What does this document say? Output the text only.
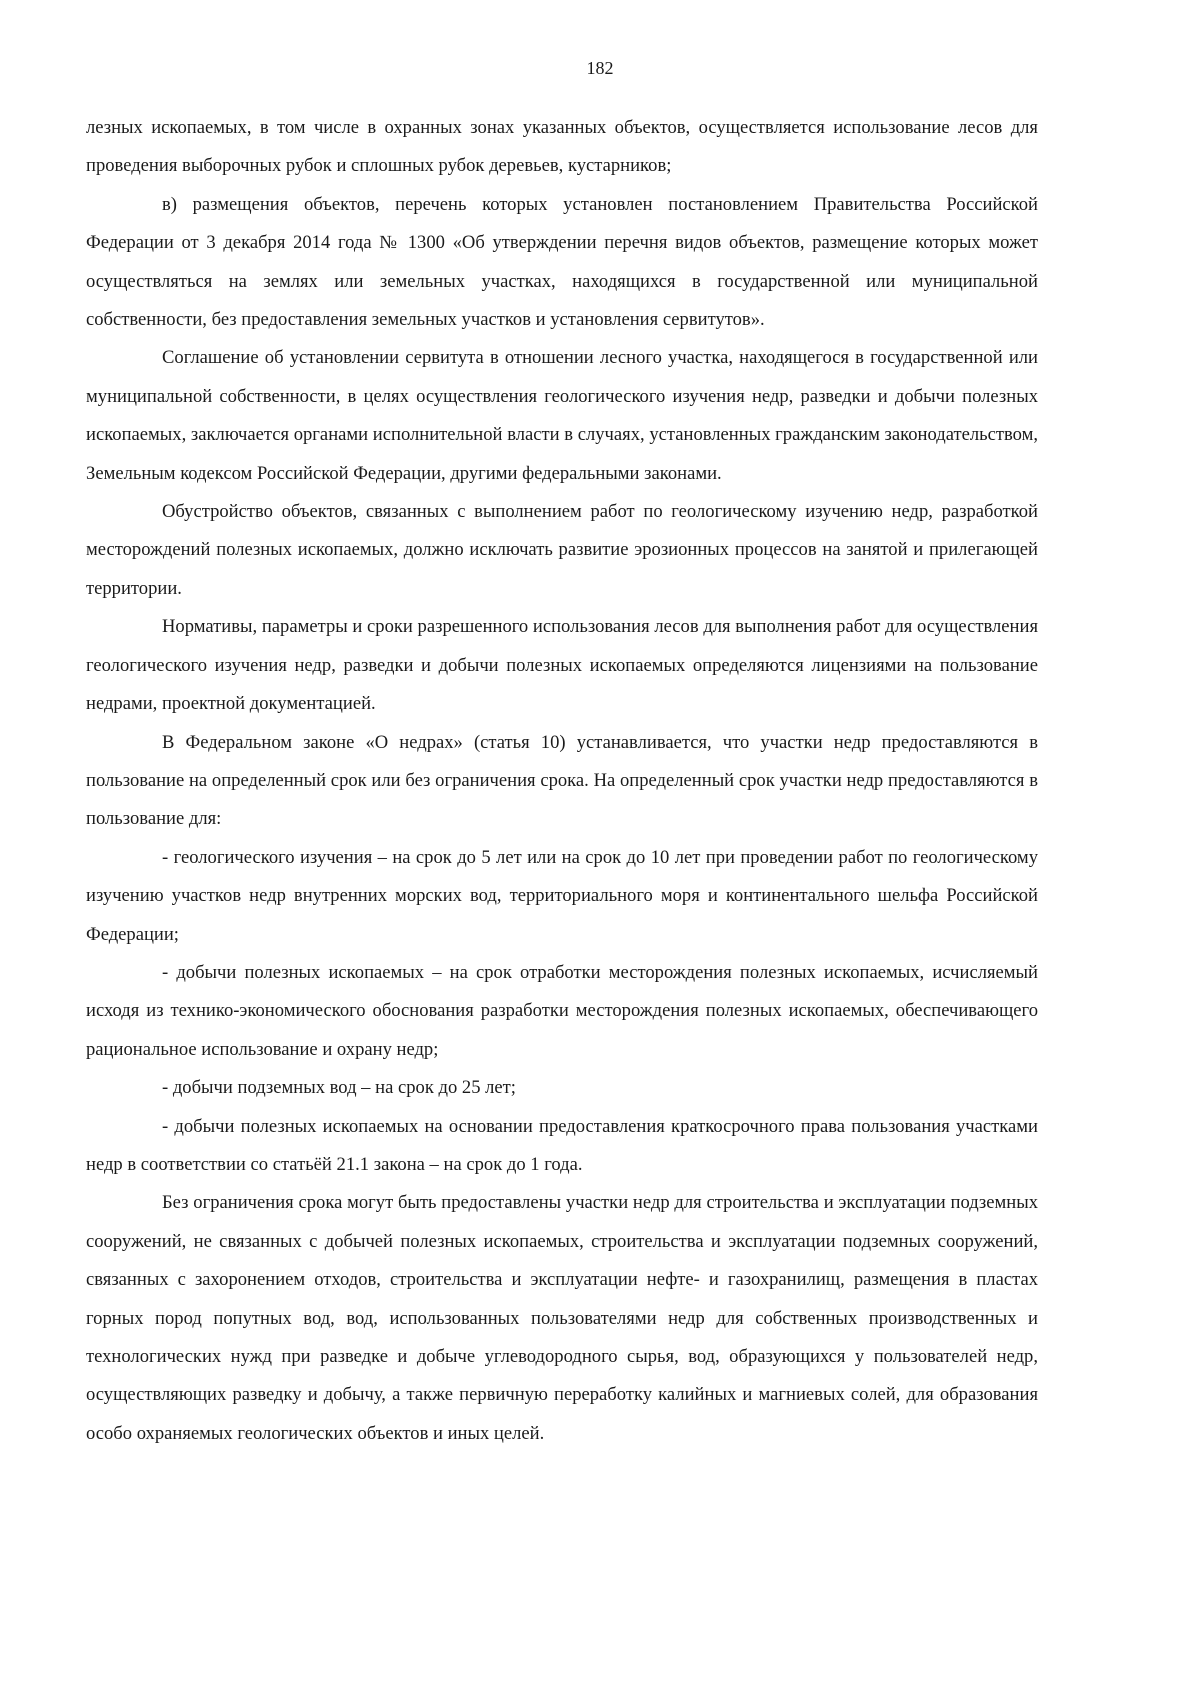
182

лезных ископаемых, в том числе в охранных зонах указанных объектов, осуществляется использование лесов для проведения выборочных рубок и сплошных рубок деревьев, кустарников;

в) размещения объектов, перечень которых установлен постановлением Правительства Российской Федерации от 3 декабря 2014 года № 1300 «Об утверждении перечня видов объектов, размещение которых может осуществляться на землях или земельных участках, находящихся в государственной или муниципальной собственности, без предоставления земельных участков и установления сервитутов».

Соглашение об установлении сервитута в отношении лесного участка, находящегося в государственной или муниципальной собственности, в целях осуществления геологического изучения недр, разведки и добычи полезных ископаемых, заключается органами исполнительной власти в случаях, установленных гражданским законодательством, Земельным кодексом Российской Федерации, другими федеральными законами.

Обустройство объектов, связанных с выполнением работ по геологическому изучению недр, разработкой месторождений полезных ископаемых, должно исключать развитие эрозионных процессов на занятой и прилегающей территории.

Нормативы, параметры и сроки разрешенного использования лесов для выполнения работ для осуществления геологического изучения недр, разведки и добычи полезных ископаемых определяются лицензиями на пользование недрами, проектной документацией.

В Федеральном законе «О недрах» (статья 10) устанавливается, что участки недр предоставляются в пользование на определенный срок или без ограничения срока. На определенный срок участки недр предоставляются в пользование для:

- геологического изучения – на срок до 5 лет или на срок до 10 лет при проведении работ по геологическому изучению участков недр внутренних морских вод, территориального моря и континентального шельфа Российской Федерации;

- добычи полезных ископаемых – на срок отработки месторождения полезных ископаемых, исчисляемый исходя из технико-экономического обоснования разработки месторождения полезных ископаемых, обеспечивающего рациональное использование и охрану недр;

- добычи подземных вод – на срок до 25 лет;

- добычи полезных ископаемых на основании предоставления краткосрочного права пользования участками недр в соответствии со статьёй 21.1 закона – на срок до 1 года.

Без ограничения срока могут быть предоставлены участки недр для строительства и эксплуатации подземных сооружений, не связанных с добычей полезных ископаемых, строительства и эксплуатации подземных сооружений, связанных с захоронением отходов, строительства и эксплуатации нефте- и газохранилищ, размещения в пластах горных пород попутных вод, вод, использованных пользователями недр для собственных производственных и технологических нужд при разведке и добыче углеводородного сырья, вод, образующихся у пользователей недр, осуществляющих разведку и добычу, а также первичную переработку калийных и магниевых солей, для образования особо охраняемых геологических объектов и иных целей.
